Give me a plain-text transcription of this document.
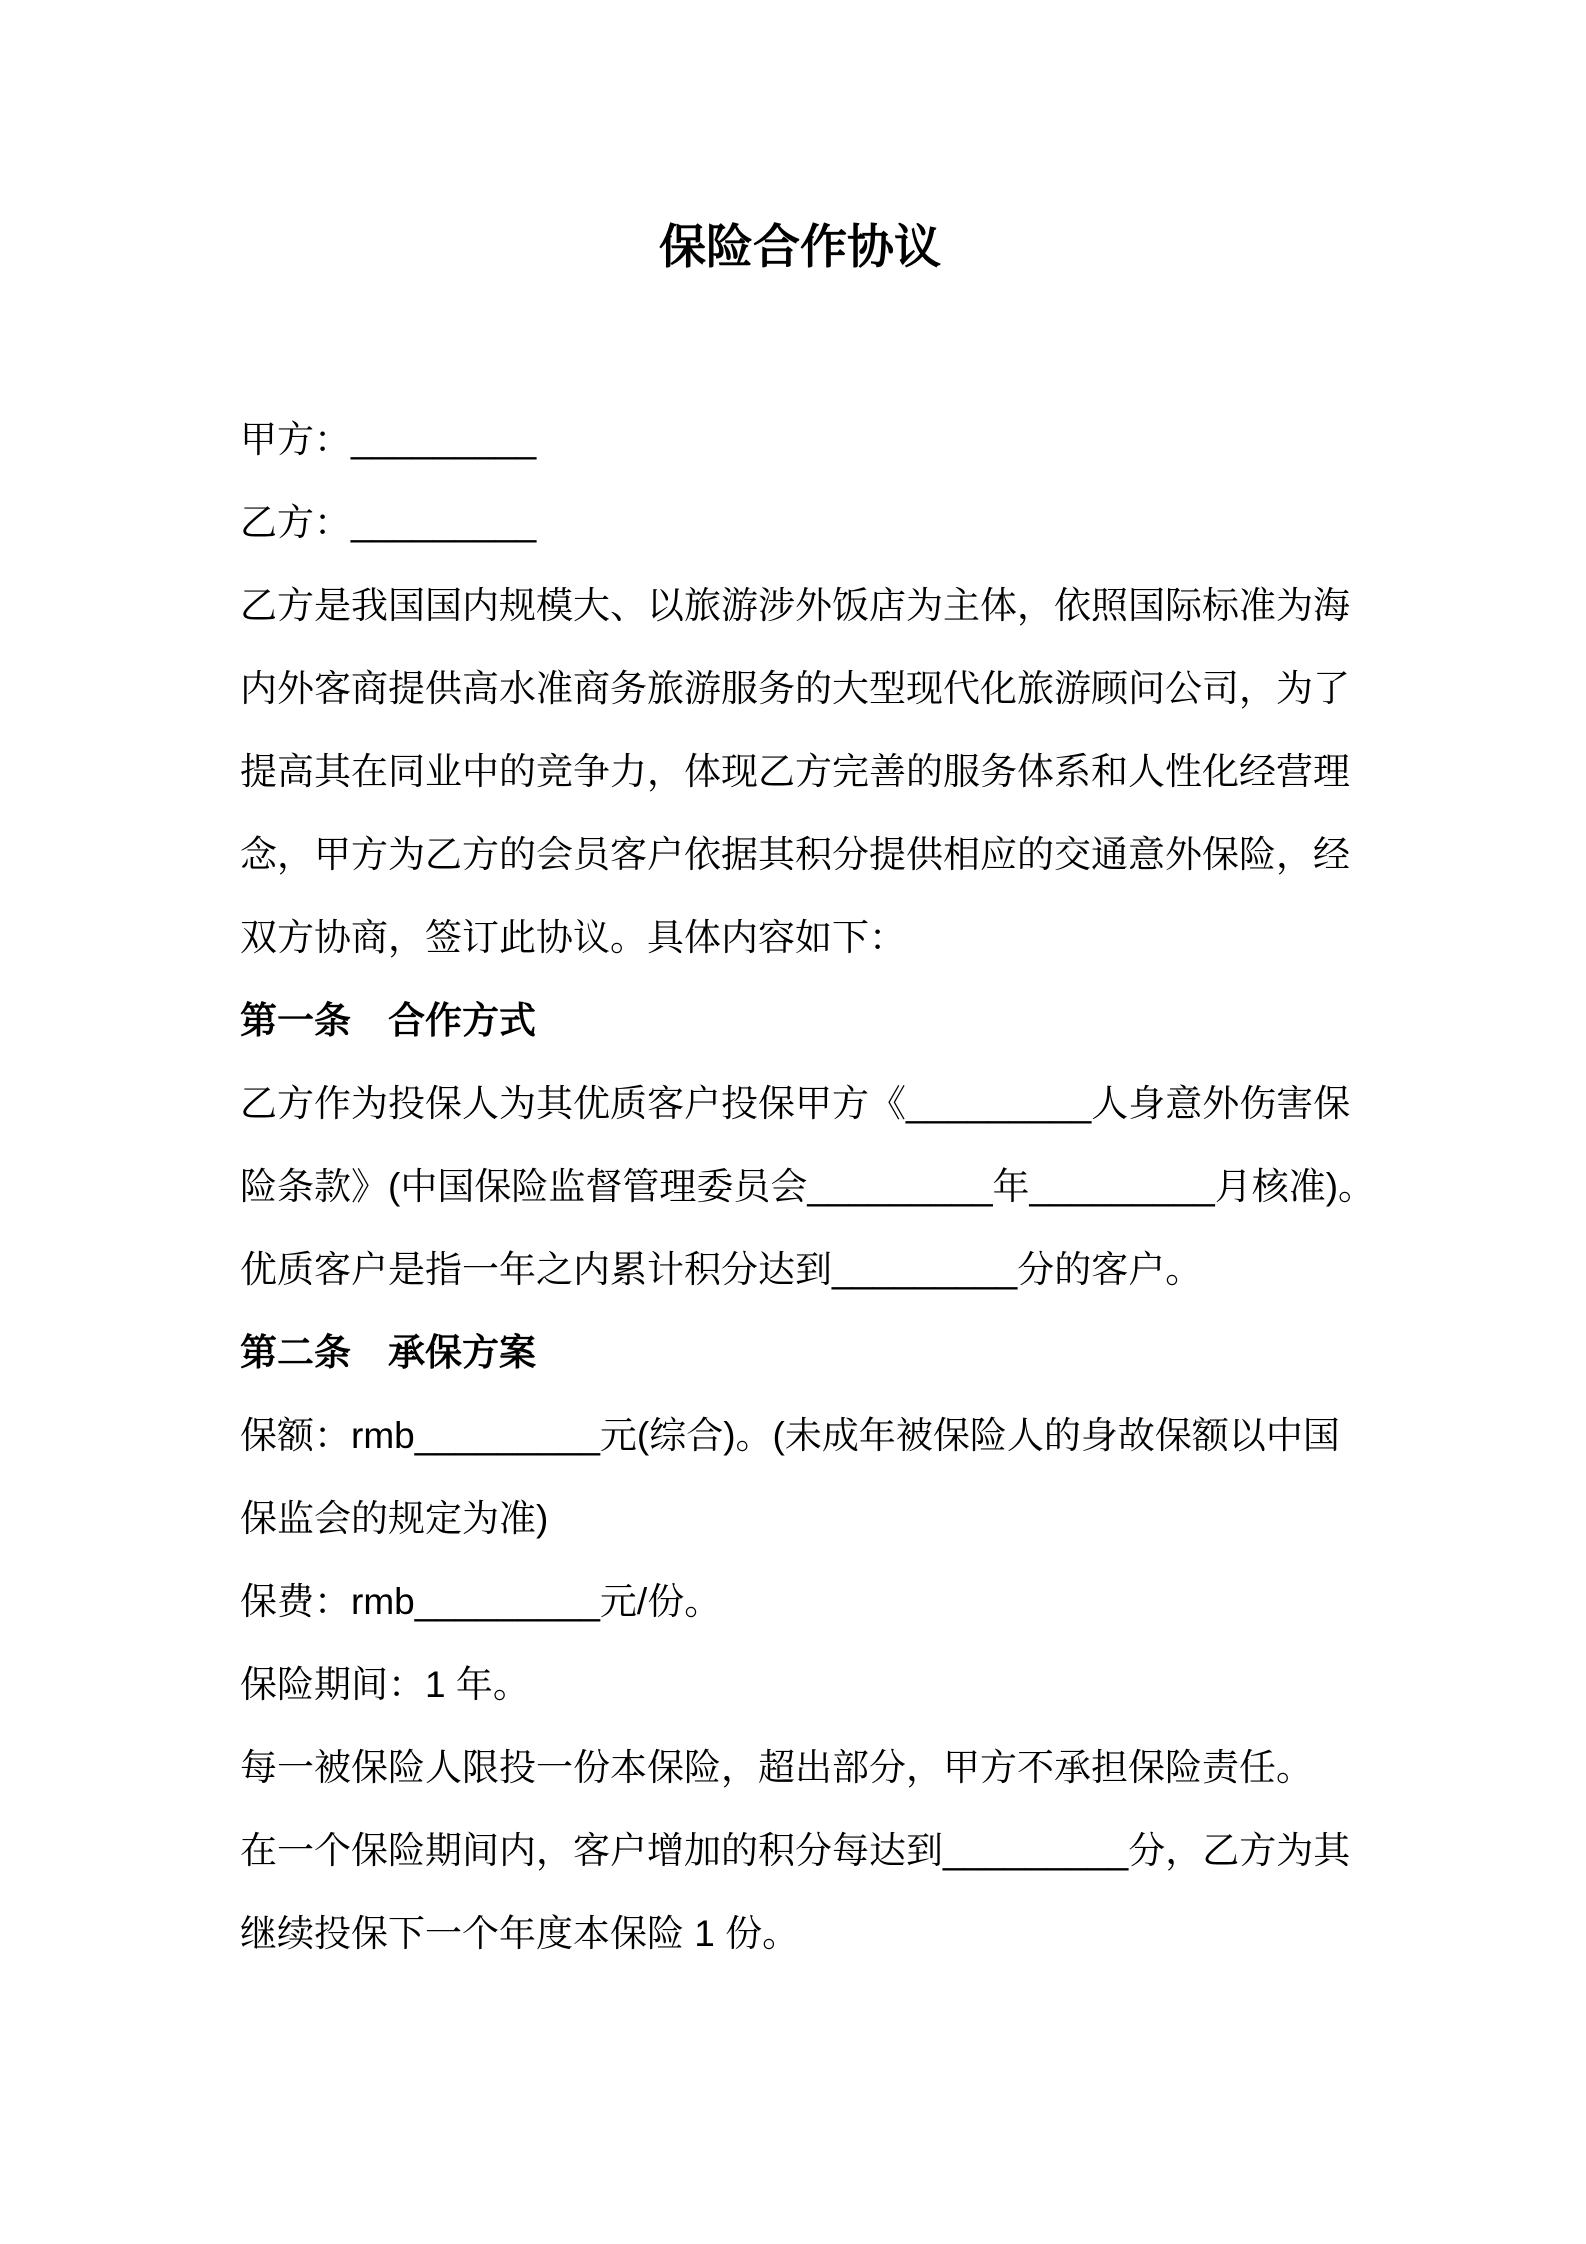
保险合作协议
甲方：_________
乙方：_________
乙方是我国国内规模大、以旅游涉外饭店为主体，依照国际标准为海
内外客商提供高水准商务旅游服务的大型现代化旅游顾问公司，为了
提高其在同业中的竞争力，体现乙方完善的服务体系和人性化经营理
念，甲方为乙方的会员客户依据其积分提供相应的交通意外保险，经
双方协商，签订此协议。具体内容如下：
第一条　合作方式
乙方作为投保人为其优质客户投保甲方《_________人身意外伤害保
险条款》(中国保险监督管理委员会_________年_________月核准)。
优质客户是指一年之内累计积分达到_________分的客户。
第二条　承保方案
保额：rmb_________元(综合)。(未成年被保险人的身故保额以中国
保监会的规定为准)
保费：rmb_________元/份。
保险期间：1 年。
每一被保险人限投一份本保险，超出部分，甲方不承担保险责任。
在一个保险期间内，客户增加的积分每达到_________分，乙方为其
继续投保下一个年度本保险 1 份。
